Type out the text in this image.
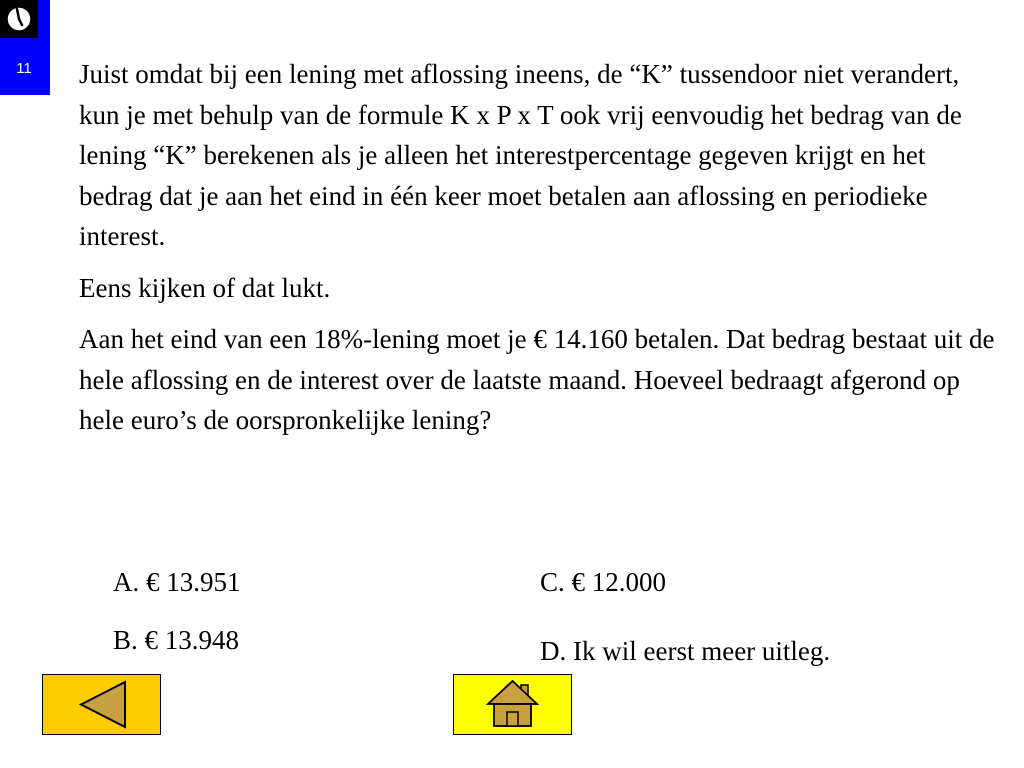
11	Juist omdat bij een lening met aflossing ineens, de “K” tussendoor niet verandert, kun je met behulp van de formule K x P x T ook vrij eenvoudig het bedrag van de lening “K” berekenen als je alleen het interestpercentage gegeven krijgt en het bedrag dat je aan het eind in één keer moet betalen aan aflossing en periodieke interest.

Eens kijken of dat lukt.

Aan het eind van een 18%-lening moet je € 14.160 betalen. Dat bedrag bestaat uit de hele aflossing en de interest over de laatste maand. Hoeveel bedraagt afgerond op hele euro’s de oorspronkelijke lening?

A. € 13.951
B. € 13.948
C. € 12.000
D. Ik wil eerst meer uitleg.
